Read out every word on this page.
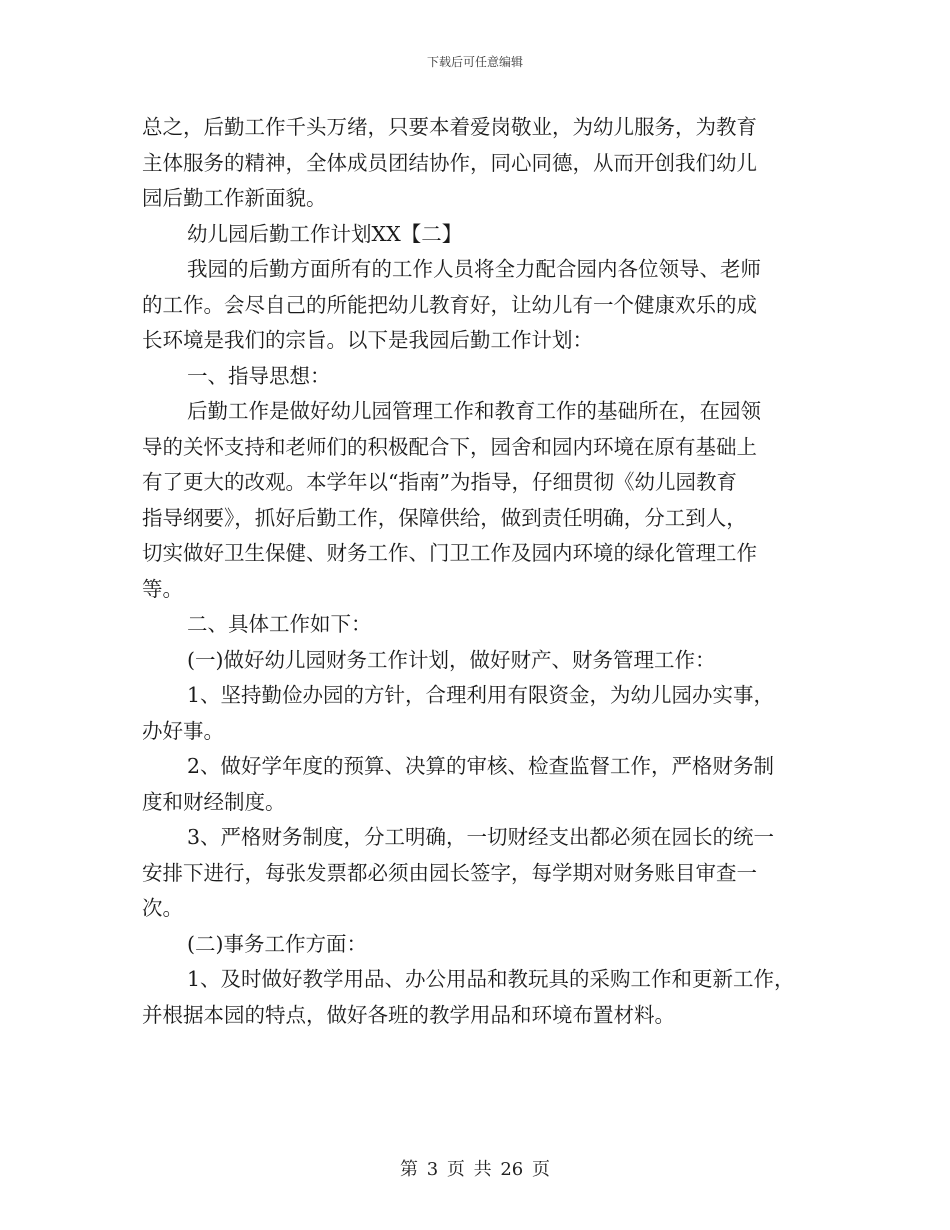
下载后可任意编辑
总之，后勤工作千头万绪，只要本着爱岗敬业，为幼儿服务，为教育
主体服务的精神，全体成员团结协作，同心同德，从而开创我们幼儿
园后勤工作新面貌。
幼儿园后勤工作计划XX【二】
我园的后勤方面所有的工作人员将全力配合园内各位领导、老师
的工作。会尽自己的所能把幼儿教育好，让幼儿有一个健康欢乐的成
长环境是我们的宗旨。以下是我园后勤工作计划：
一、指导思想：
后勤工作是做好幼儿园管理工作和教育工作的基础所在，在园领
导的关怀支持和老师们的积极配合下，园舍和园内环境在原有基础上
有了更大的改观。本学年以“指南”为指导，仔细贯彻《幼儿园教育
指导纲要》，抓好后勤工作，保障供给，做到责任明确，分工到人，
切实做好卫生保健、财务工作、门卫工作及园内环境的绿化管理工作
等。
二、具体工作如下：
(一)做好幼儿园财务工作计划，做好财产、财务管理工作：
1、坚持勤俭办园的方针，合理利用有限资金，为幼儿园办实事，
办好事。
2、做好学年度的预算、决算的审核、检查监督工作，严格财务制
度和财经制度。
3、严格财务制度，分工明确，一切财经支出都必须在园长的统一
安排下进行，每张发票都必须由园长签字，每学期对财务账目审查一
次。
(二)事务工作方面：
1、及时做好教学用品、办公用品和教玩具的采购工作和更新工作，
并根据本园的特点，做好各班的教学用品和环境布置材料。
第 3 页 共 26 页
